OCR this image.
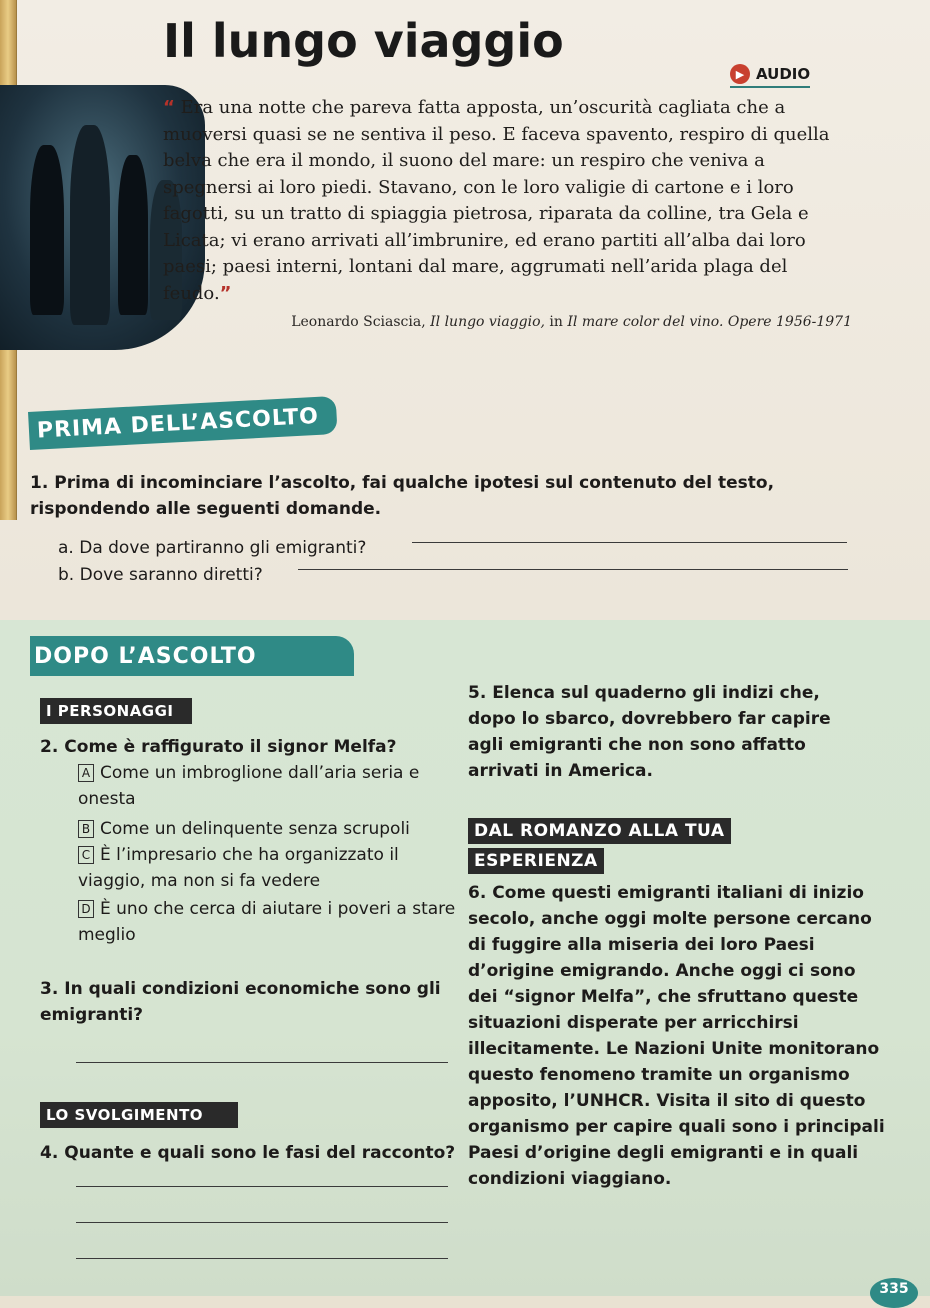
Il lungo viaggio
▶ AUDIO

“ Era una notte che pareva fatta apposta, un’oscurità cagliata che a muoversi quasi se ne sentiva il peso. E faceva spavento, respiro di quella belva che era il mondo, il suono del mare: un respiro che veniva a spegnersi ai loro piedi. Stavano, con le loro valigie di cartone e i loro fagotti, su un tratto di spiaggia pietrosa, riparata da colline, tra Gela e Licata; vi erano arrivati all’imbrunire, ed erano partiti all’alba dai loro paesi; paesi interni, lontani dal mare, aggrumati nell’arida plaga del feudo.”

Leonardo Sciascia, Il lungo viaggio, in Il mare color del vino. Opere 1956-1971

PRIMA DELL’ASCOLTO

1. Prima di incominciare l’ascolto, fai qualche ipotesi sul contenuto del testo, rispondendo alle seguenti domande.

a. Da dove partiranno gli emigranti?

b. Dove saranno diretti?

DOPO L’ASCOLTO
I PERSONAGGI

2. Come è raffigurato il signor Melfa?

A Come un imbroglione dall’aria seria e onesta
B Come un delinquente senza scrupoli
C È l’impresario che ha organizzato il viaggio, ma non si fa vedere
D È uno che cerca di aiutare i poveri a stare meglio

3. In quali condizioni economiche sono gli emigranti?

LO SVOLGIMENTO

4. Quante e quali sono le fasi del racconto?

5. Elenca sul quaderno gli indizi che, dopo lo sbarco, dovrebbero far capire agli emigranti che non sono affatto arrivati in America.

DAL ROMANZO ALLA TUA
ESPERIENZA

6. Come questi emigranti italiani di inizio secolo, anche oggi molte persone cercano di fuggire alla miseria dei loro Paesi d’origine emigrando. Anche oggi ci sono dei “signor Melfa”, che sfruttano queste situazioni disperate per arricchirsi illecitamente. Le Nazioni Unite monitorano questo fenomeno tramite un organismo apposito, l’UNHCR. Visita il sito di questo organismo per capire quali sono i principali Paesi d’origine degli emigranti e in quali condizioni viaggiano.

335
